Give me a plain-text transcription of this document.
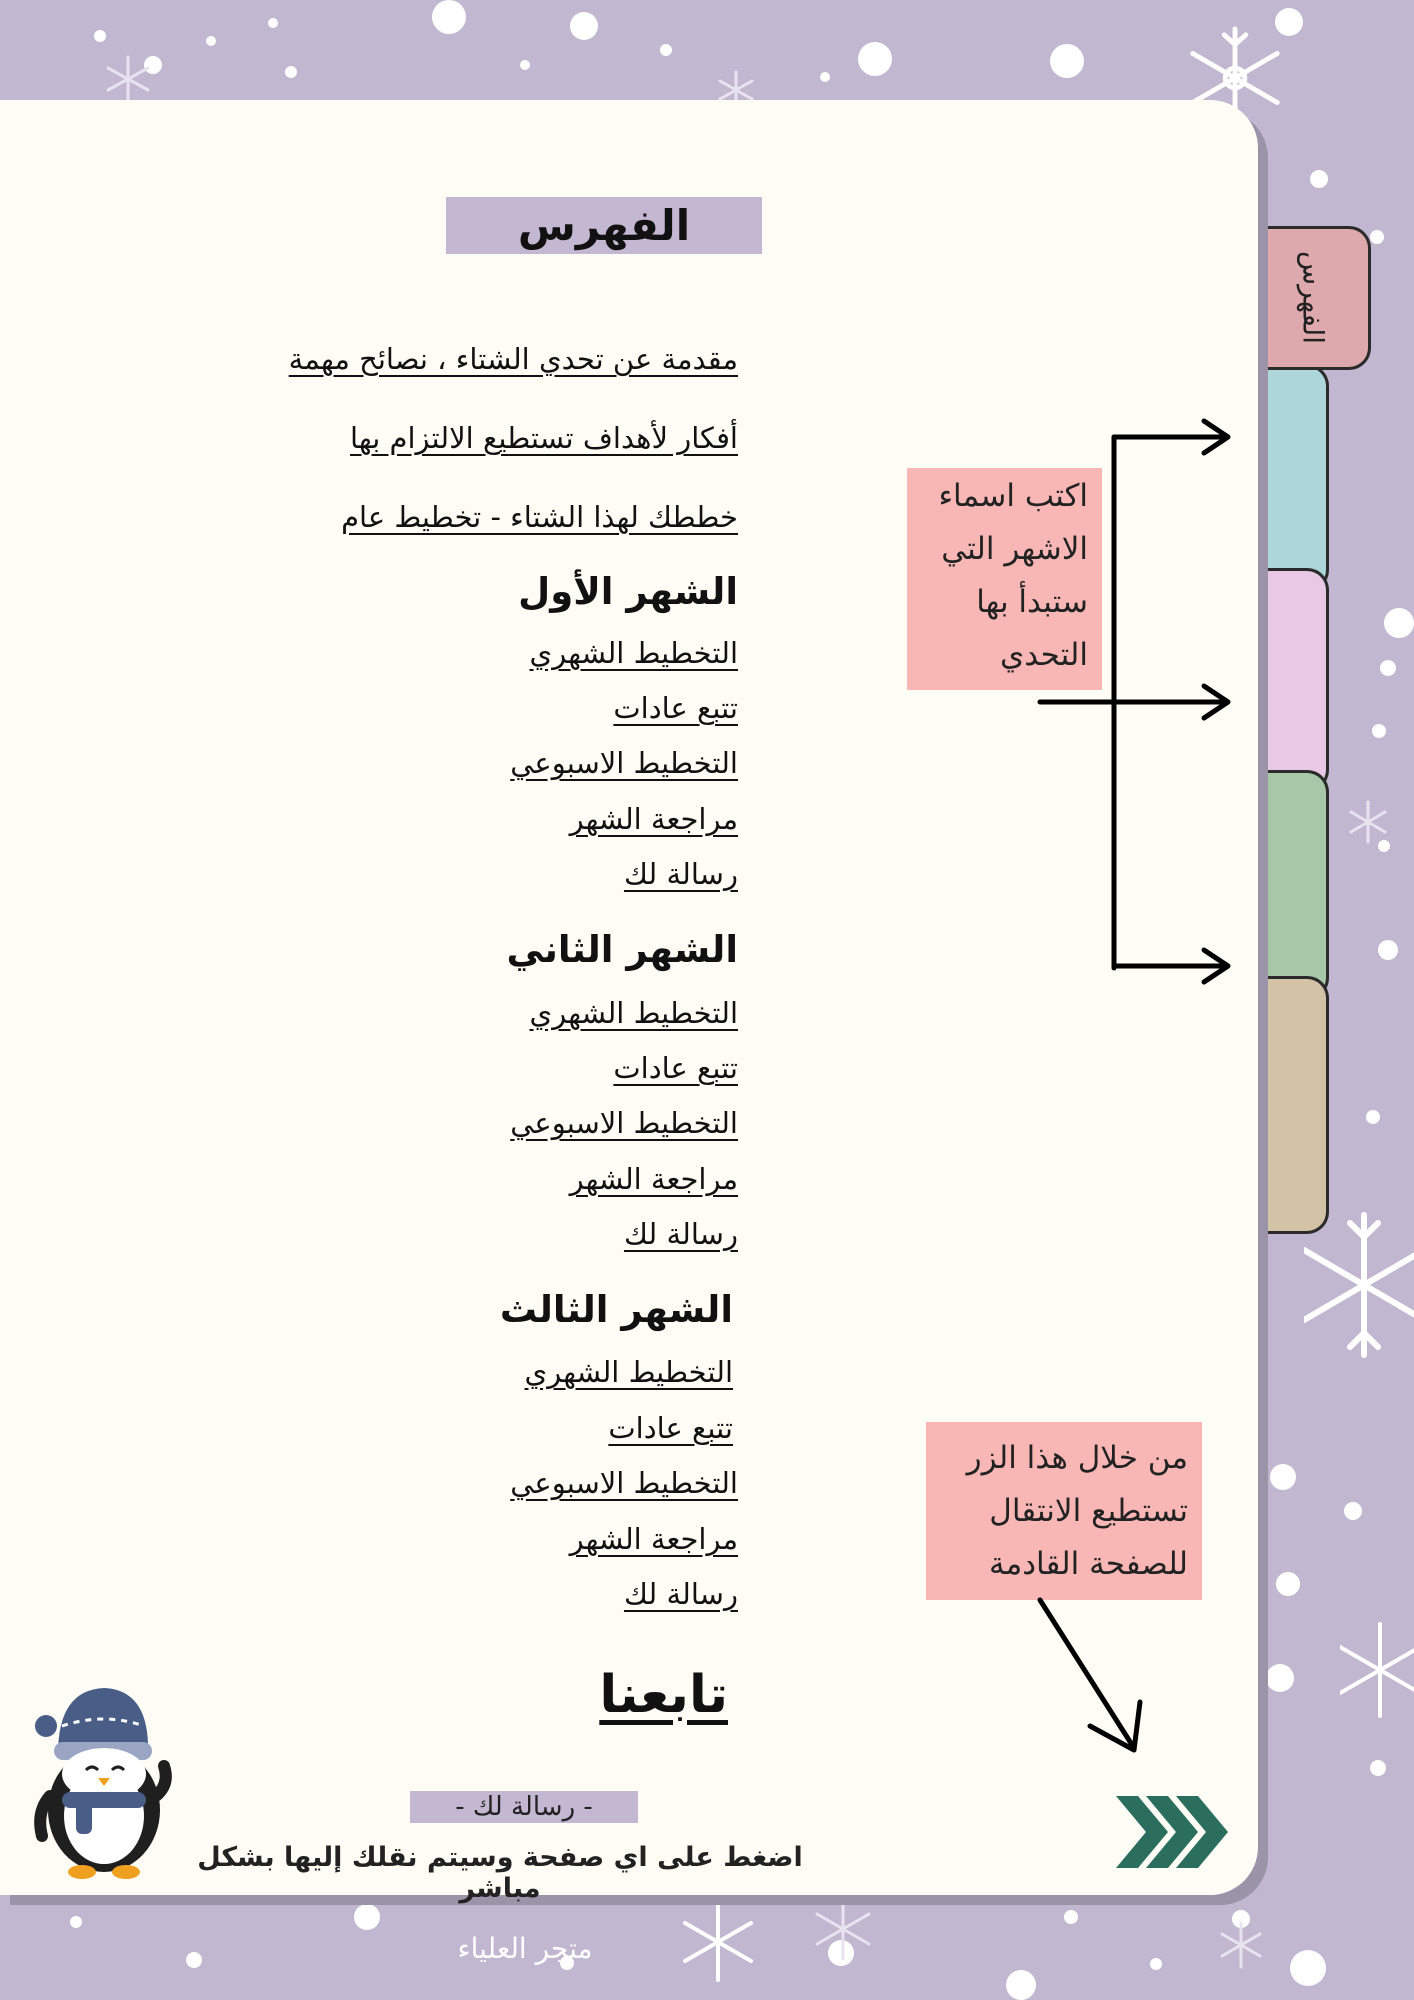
الفهرس
الفهرس
مقدمة عن تحدي الشتاء ، نصائح مهمة
أفكار لأهداف تستطيع الالتزام بها
خططك لهذا الشتاء - تخطيط عام
الشهر الأول
التخطيط الشهري
تتبع عادات
التخطيط الاسبوعي
مراجعة الشهر
رسالة لك
الشهر الثاني
التخطيط الشهري
تتبع عادات
التخطيط الاسبوعي
مراجعة الشهر
رسالة لك
الشهر الثالث
التخطيط الشهري
تتبع عادات
التخطيط الاسبوعي
مراجعة الشهر
رسالة لك
اكتب اسماء
الاشهر التي
ستبدأ بها
التحدي
من خلال هذا الزر
تستطيع الانتقال
للصفحة القادمة
تابعنا
- رسالة لك -
اضغط على اي صفحة وسيتم نقلك إليها بشكل مباشر
متجر العلياء
